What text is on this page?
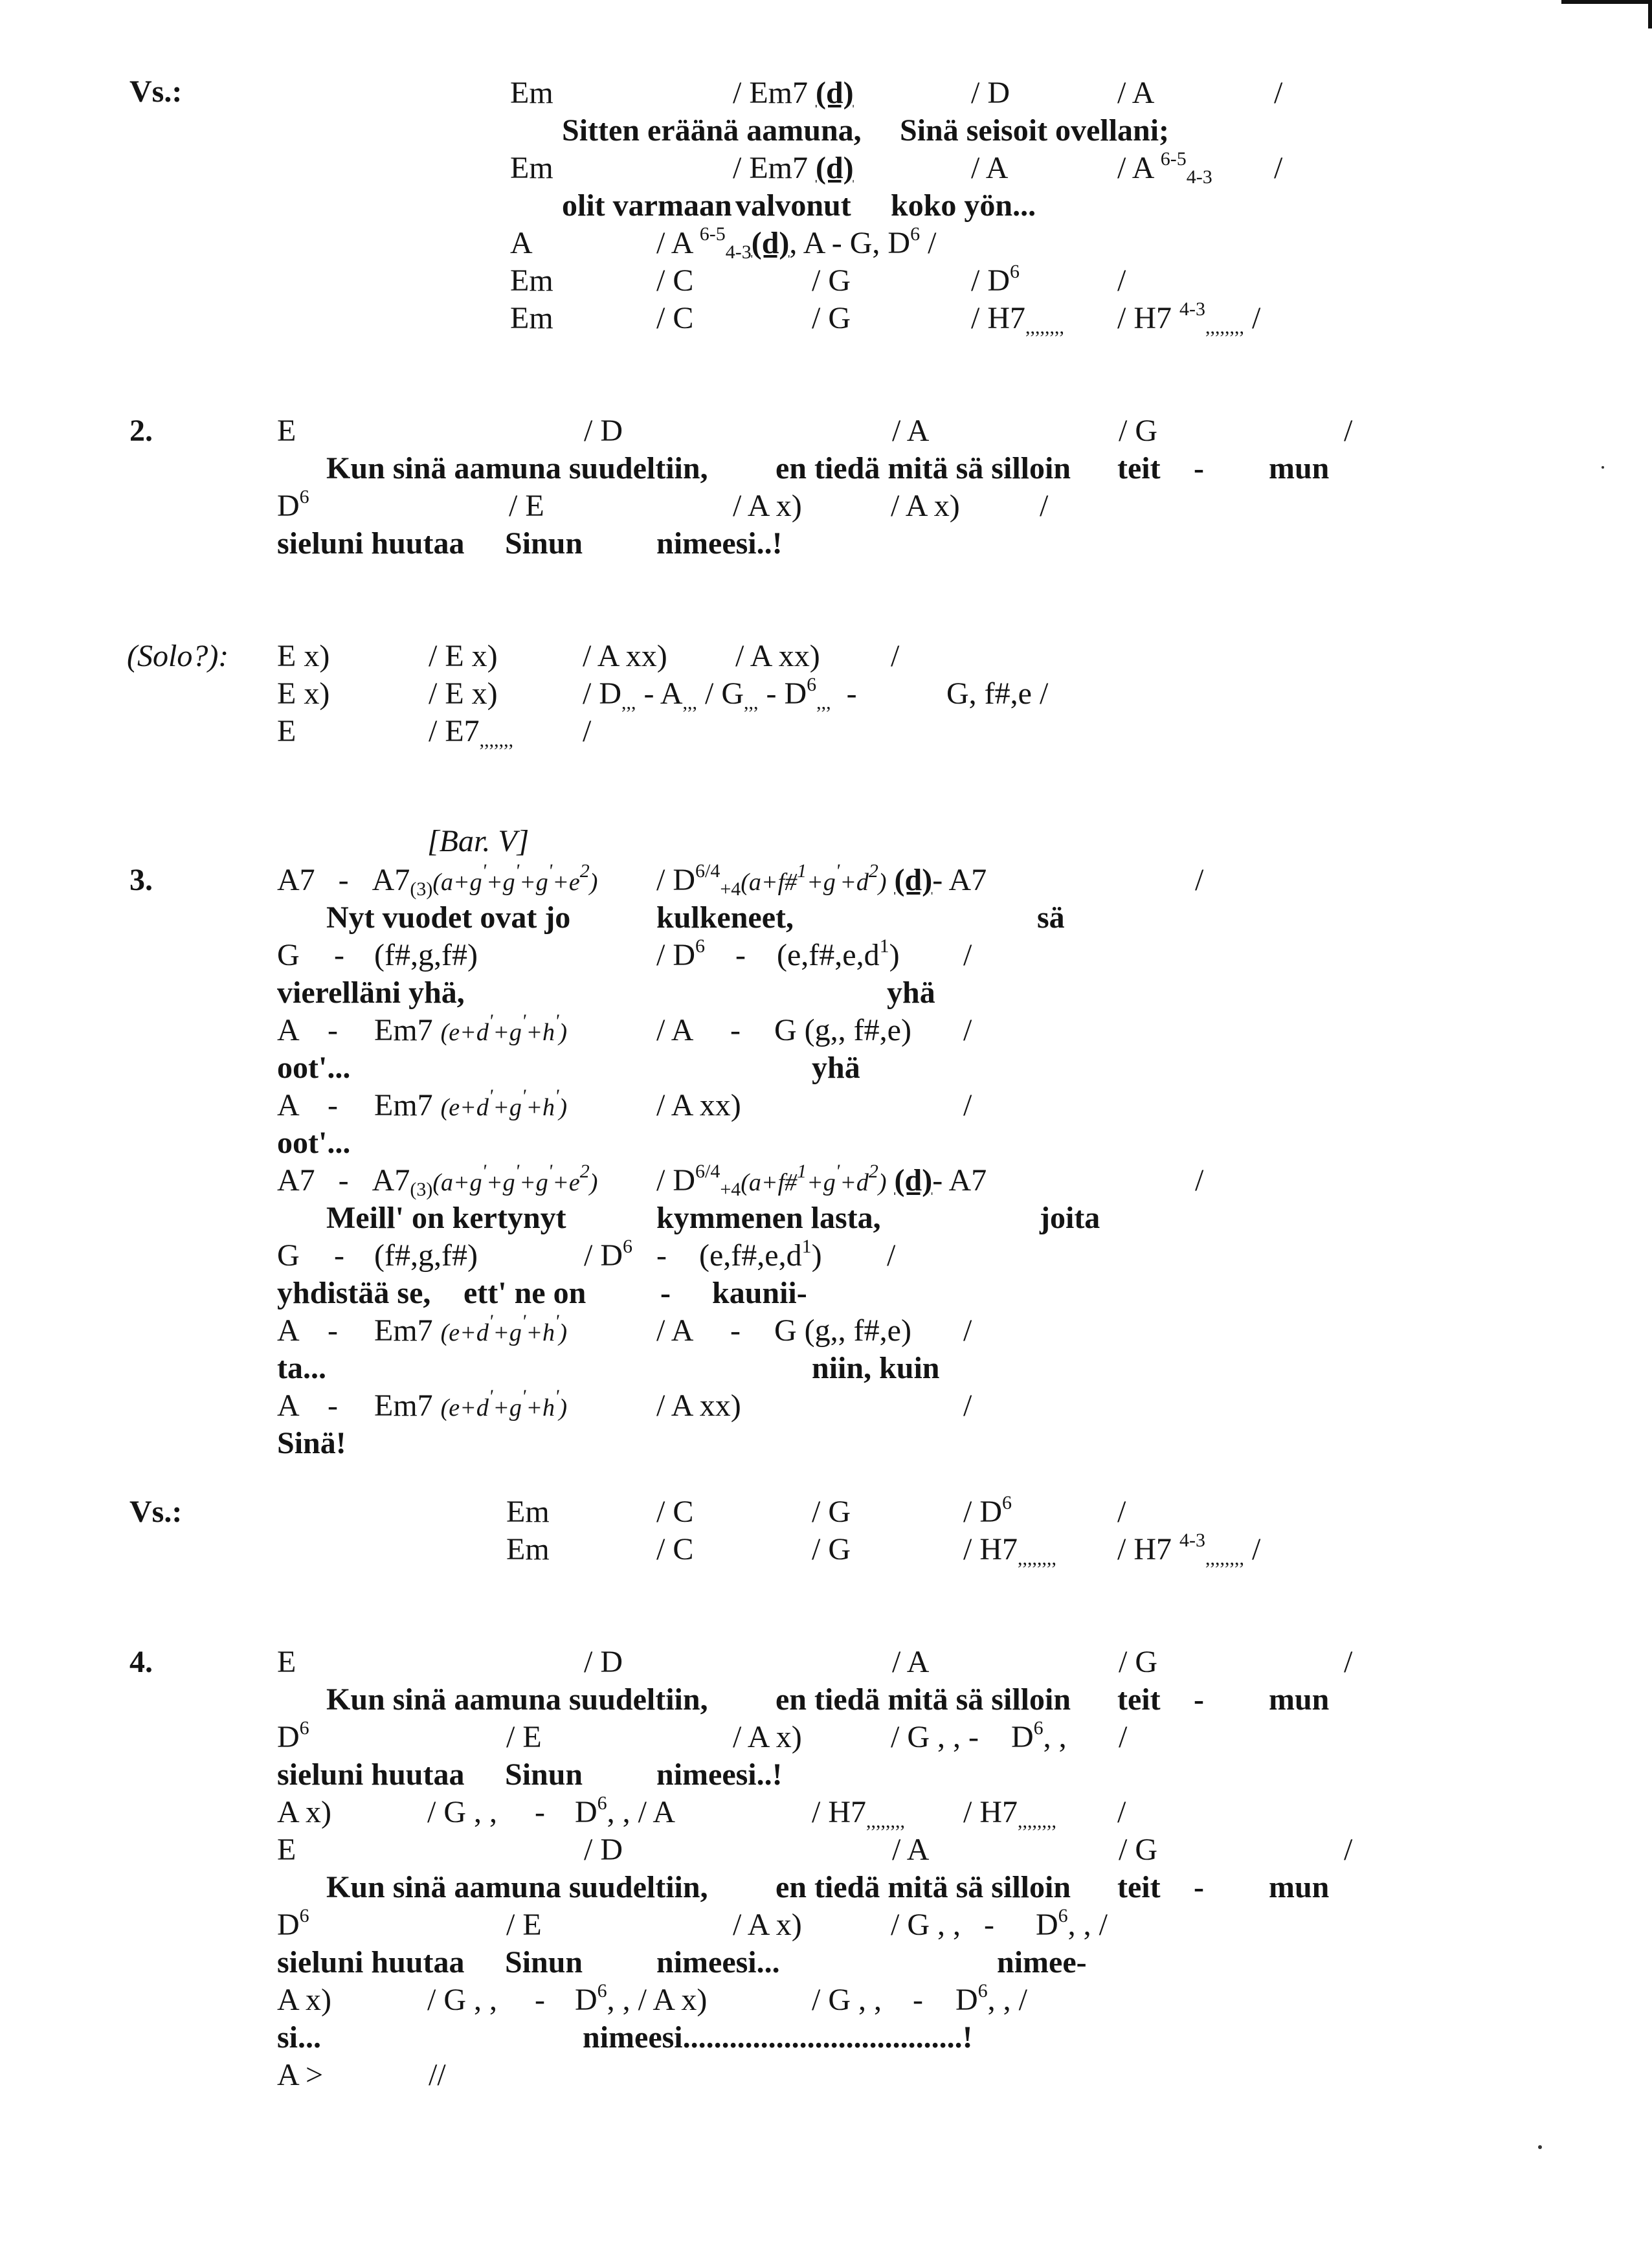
Vs.:	Em	/ Em7 (d)	/ D	/ A	/
Sitten eräänä aamuna, Sinä seisoit ovellani;
Em	/ Em7 (d)	/ A	/ A $^{6-5}_{4-3}$ /
olit varmaan valvonut koko yön...
A	/ A $^{6-5}_{4-3}$(d), A - G, $D^6$ /
Em	/ C	/ G	/ $D^6$	/
Em	/ C	/ G	/ $H7_{,,,,,,,,} / H7$ $^{4-3}_{,,,,,,,,}$ /
2.	E	/ D	/ A	/ G	/
Kun sinä aamuna suudeltiin, en tiedä mitä sä silloin teit - mun
$D^6$	/ E	/ A x)	/ A x)	/
sieluni huutaa Sinun nimeesi..!
(Solo?): E x)	/ E x)	/ A xx) / A xx) /
E x)	/ E x)	/ $D_{,,,} - A_{,,,} / G_{,,,} - D^6_{,,,}$  -	G, f#,e /
E	/ $E7_{,,,,,,,}$ /
[Bar. V]
3.	$A7 - A7_{(3)}(a+g'+g'+g'+e^2)$ / $D^{6/4}_{+4}(a+f\#^1+g'+d^2)$ (d)- A7	/
Nyt vuodet ovat jo	kulkeneet,	sä
G - (f#,g,f#)	/ $D^6$ - $(e,f\#,e,d^1)$ /
vierelläni yhä,	yhä
A - Em7 (e+d'+g'+h')	/ A - G (g,, f#,e) /
oot'...	yhä
A - Em7 (e+d'+g'+h')	/ A xx)	/
oot'...
$A7 - A7_{(3)}(a+g'+g'+g'+e^2)$ / $D^{6/4}_{+4}(a+f\#^1+g'+d^2)$ (d)- A7	/
Meill' on kertynyt	kymmenen lasta,	joita
G - (f#,g,f#)	/ $D^6$ - $(e,f\#,e,d^1)$ /
yhdistää se, ett' ne on - kaunii-
A - Em7 (e+d'+g'+h')	/ A - G (g,, f#,e) /
ta...	niin, kuin
A - Em7 (e+d'+g'+h')	/ A xx)	/
Sinä!
Vs.:	Em	/ C	/ G	/ $D^6$	/
Em	/ C	/ G	/ $H7_{,,,,,,,,} / H7$ $^{4-3}_{,,,,,,,,}$ /
4.	E	/ D	/ A	/ G	/
Kun sinä aamuna suudeltiin, en tiedä mitä sä silloin teit - mun
$D^6$	/ E	/ A x)	/ G , , - $D^6$, , /
sieluni huutaa Sinun nimeesi..!
A x)	/ G , , - $D^6$, , / A	/ $H7_{,,,,,,,,} / H7_{,,,,,,,,}$ /
E	/ D	/ A	/ G	/
Kun sinä aamuna suudeltiin, en tiedä mitä sä silloin teit - mun
$D^6$	/ E	/ A x)	/ G , , - $D^6$, , /
sieluni huutaa Sinun nimeesi...	nimee-
A x)	/ G , , - $D^6$, , / A x)	/ G , , - $D^6$, , /
si...	nimeesi....................................!
A >	//
